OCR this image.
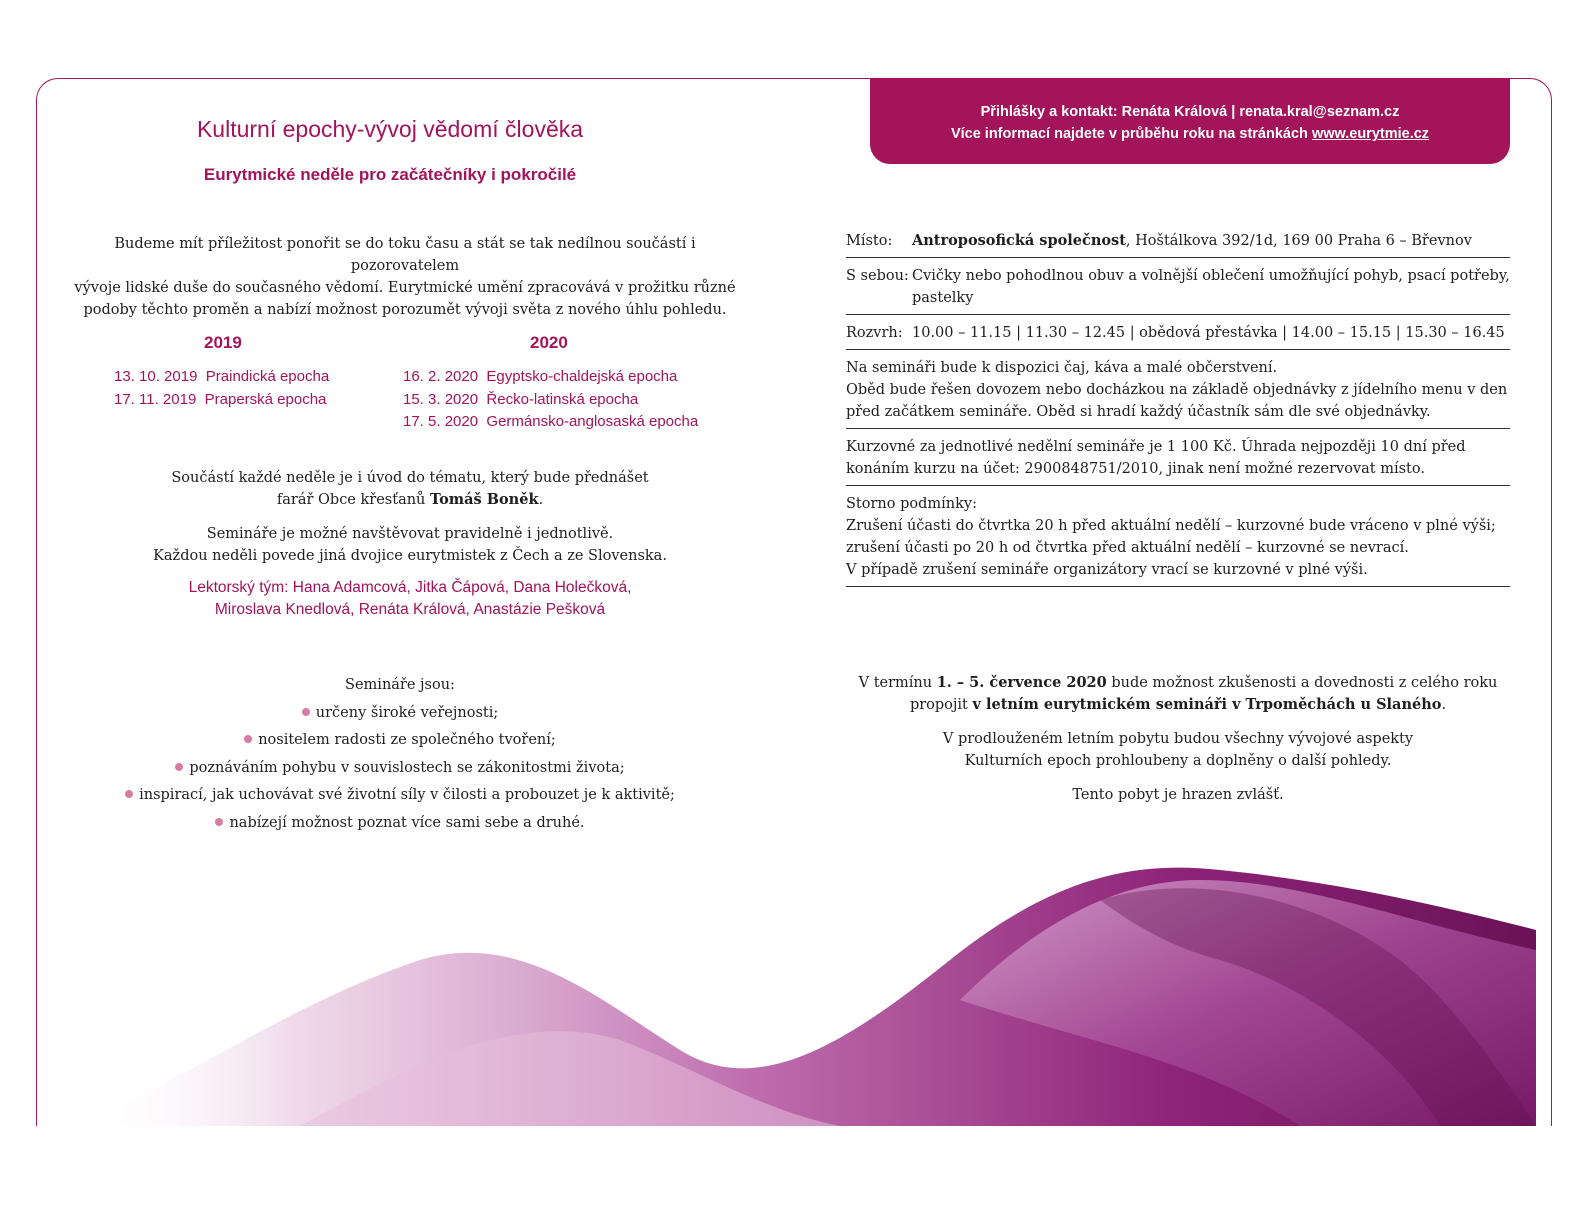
Přihlášky a kontakt: Renáta Králová | renata.kral@seznam.cz
Více informací najdete v průběhu roku na stránkách www.eurytmie.cz
Kulturní epochy-vývoj vědomí člověka
Eurytmické neděle pro začátečníky i pokročilé

Budeme mít příležitost ponořit se do toku času a stát se tak nedílnou součástí i pozorovatelem

vývoje lidské duše do současného vědomí. Eurytmické umění zpracovává v prožitku různé

podoby těchto proměn a nabízí možnost porozumět vývoji světa z nového úhlu pohledu.

2019	2020
13. 10. 2019 Praindická epocha
17. 11. 2019 Praperská epocha
16. 2. 2020 Egyptsko-chaldejská epocha
15. 3. 2020 Řecko-latinská epocha
17. 5. 2020 Germánsko-anglosaská epocha

Součástí každé neděle je i úvod do tématu, který bude přednášet

farář Obce křesťanů Tomáš Boněk.

Semináře je možné navštěvovat pravidelně i jednotlivě.

Každou neděli povede jiná dvojice eurytmistek z Čech a ze Slovenska.

Lektorský tým: Hana Adamcová, Jitka Čápová, Dana Holečková,

Miroslava Knedlová, Renáta Králová, Anastázie Pešková

Semináře jsou:
určeny široké veřejnosti;
nositelem radosti ze společného tvoření;
poznáváním pohybu v souvislostech se zákonitostmi života;
inspirací, jak uchovávat své životní síly v čilosti a probouzet je k aktivitě;
nabízejí možnost poznat více sami sebe a druhé.
Místo:	Antroposofická společnost, Hoštálkova 392/1d, 169 00 Praha 6 – Břevnov
S sebou: Cvičky nebo pohodlnou obuv a volnější oblečení umožňující pohyb, psací potřeby, pastelky
Rozvrh: 10.00 – 11.15 | 11.30 – 12.45 | obědová přestávka | 14.00 – 15.15 | 15.30 – 16.45

Na semináři bude k dispozici čaj, káva a malé občerstvení.

Oběd bude řešen dovozem nebo docházkou na základě objednávky z jídelního menu v den před začátkem semináře. Oběd si hradí každý účastník sám dle své objednávky.

Kurzovné za jednotlivé nedělní semináře je 1 100 Kč. Úhrada nejpozději 10 dní před konáním kurzu na účet: 2900848751/2010, jinak není možné rezervovat místo.

Storno podmínky:

Zrušení účasti do čtvrtka 20 h před aktuální nedělí – kurzovné bude vráceno v plné výši;

zrušení účasti po 20 h od čtvrtka před aktuální nedělí – kurzovné se nevrací.

V případě zrušení semináře organizátory vrací se kurzovné v plné výši.

V termínu 1. – 5. července 2020 bude možnost zkušenosti a dovednosti z celého roku

propojit v letním eurytmickém semináři v Trpoměchách u Slaného.

V prodlouženém letním pobytu budou všechny vývojové aspekty

Kulturních epoch prohloubeny a doplněny o další pohledy.

Tento pobyt je hrazen zvlášť.
